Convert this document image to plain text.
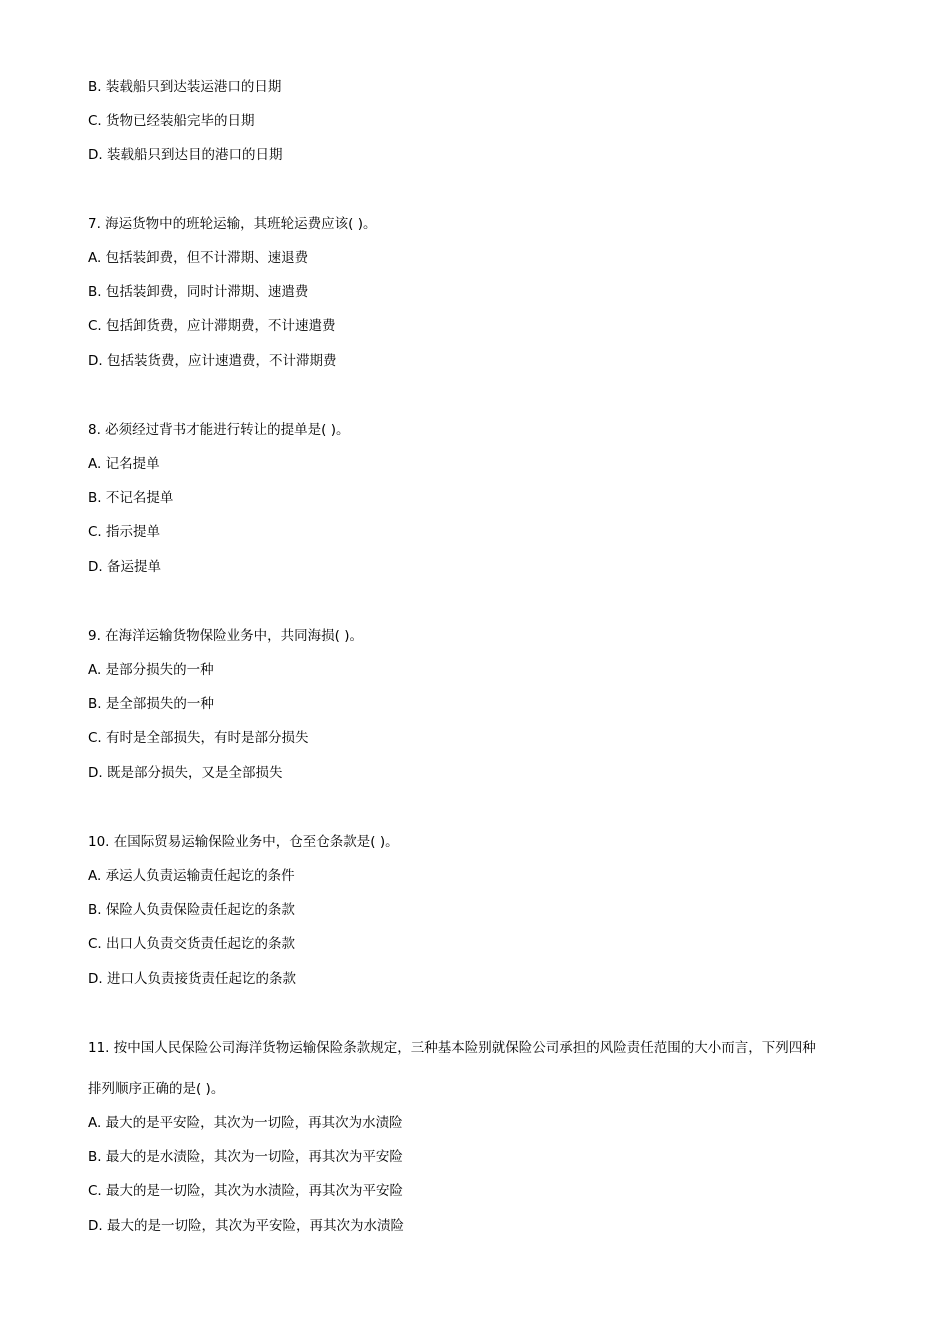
B. 装载船只到达装运港口的日期
C. 货物已经装船完毕的日期
D. 装载船只到达目的港口的日期
7. 海运货物中的班轮运输，其班轮运费应该( )。
A. 包括装卸费，但不计滞期、速退费
B. 包括装卸费，同时计滞期、速遣费
C. 包括卸货费，应计滞期费，不计速遣费
D. 包括装货费，应计速遣费，不计滞期费
8. 必须经过背书才能进行转让的提单是( )。
A. 记名提单
B. 不记名提单
C. 指示提单
D. 备运提单
9. 在海洋运输货物保险业务中，共同海损( )。
A. 是部分损失的一种
B. 是全部损失的一种
C. 有时是全部损失，有时是部分损失
D. 既是部分损失，又是全部损失
10. 在国际贸易运输保险业务中，仓至仓条款是( )。
A. 承运人负责运输责任起讫的条件
B. 保险人负责保险责任起讫的条款
C. 出口人负责交货责任起讫的条款
D. 进口人负责接货责任起讫的条款
11. 按中国人民保险公司海洋货物运输保险条款规定，三种基本险别就保险公司承担的风险责任范围的大小而言，下列四种
排列顺序正确的是( )。
A. 最大的是平安险，其次为一切险，再其次为水渍险
B. 最大的是水渍险，其次为一切险，再其次为平安险
C. 最大的是一切险，其次为水渍险，再其次为平安险
D. 最大的是一切险，其次为平安险，再其次为水渍险
